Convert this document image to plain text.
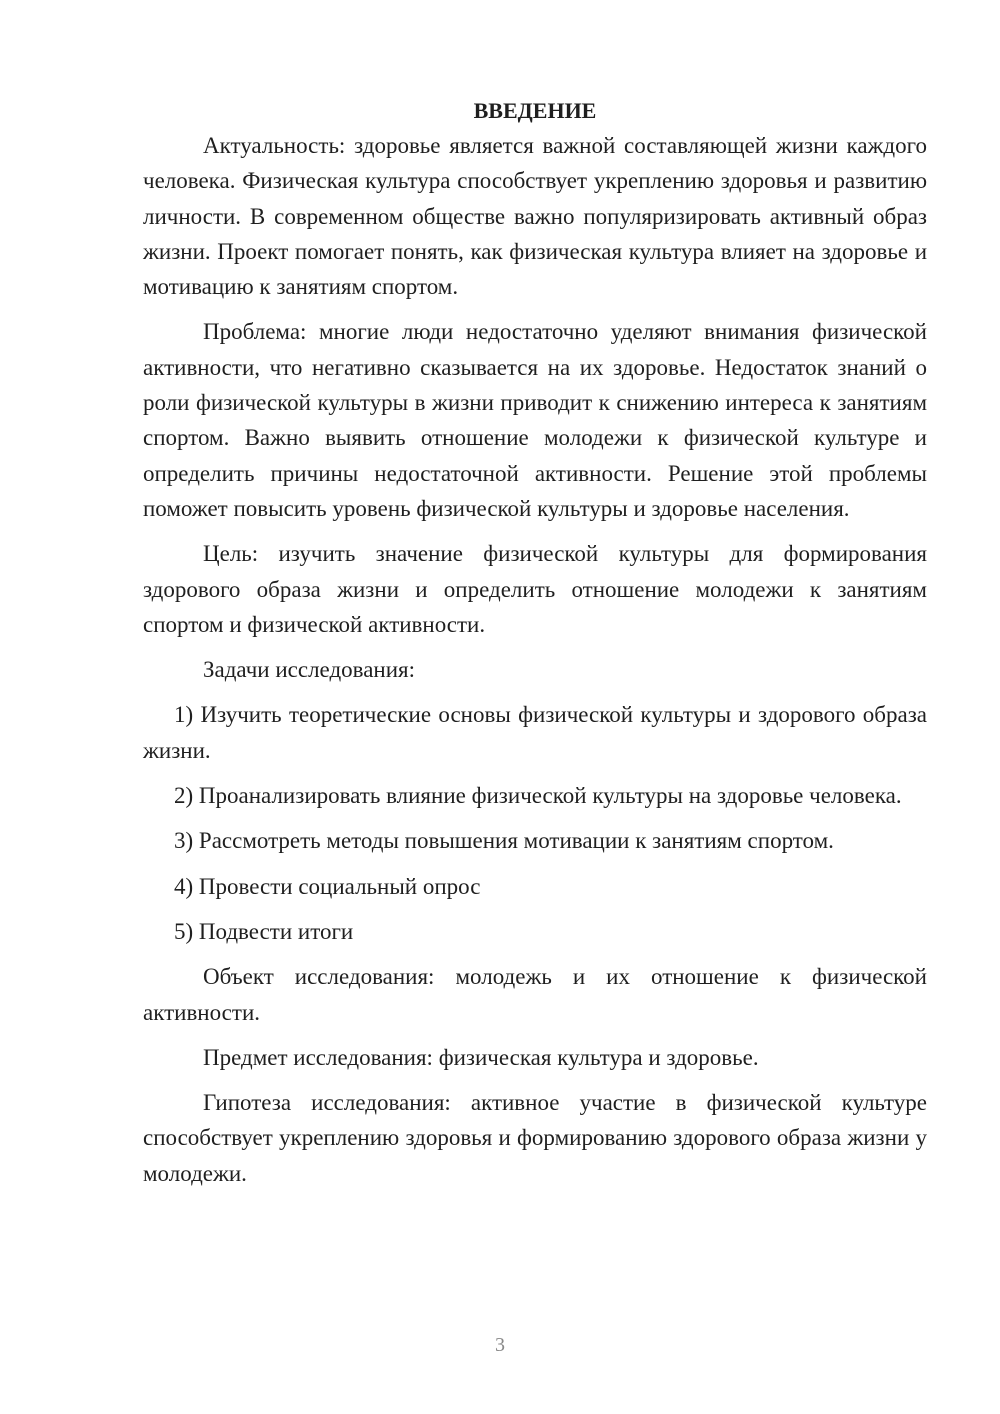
ВВЕДЕНИЕ

Актуальность: здоровье является важной составляющей жизни каждого человека. Физическая культура способствует укреплению здоровья и развитию личности. В современном обществе важно популяризировать активный образ жизни. Проект помогает понять, как физическая культура влияет на здоровье и мотивацию к занятиям спортом.

Проблема: многие люди недостаточно уделяют внимания физической активности, что негативно сказывается на их здоровье. Недостаток знаний о роли физической культуры в жизни приводит к снижению интереса к занятиям спортом. Важно выявить отношение молодежи к физической культуре и определить причины недостаточной активности. Решение этой проблемы поможет повысить уровень физической культуры и здоровье населения.

Цель: изучить значение физической культуры для формирования здорового образа жизни и определить отношение молодежи к занятиям спортом и физической активности.

Задачи исследования:

1) Изучить теоретические основы физической культуры и здорового образа жизни.

2) Проанализировать влияние физической культуры на здоровье человека.

3) Рассмотреть методы повышения мотивации к занятиям спортом.

4) Провести социальный опрос

5) Подвести итоги

Объект исследования: молодежь и их отношение к физической активности.

Предмет исследования: физическая культура и здоровье.

Гипотеза исследования: активное участие в физической культуре способствует укреплению здоровья и формированию здорового образа жизни у молодежи.

3
